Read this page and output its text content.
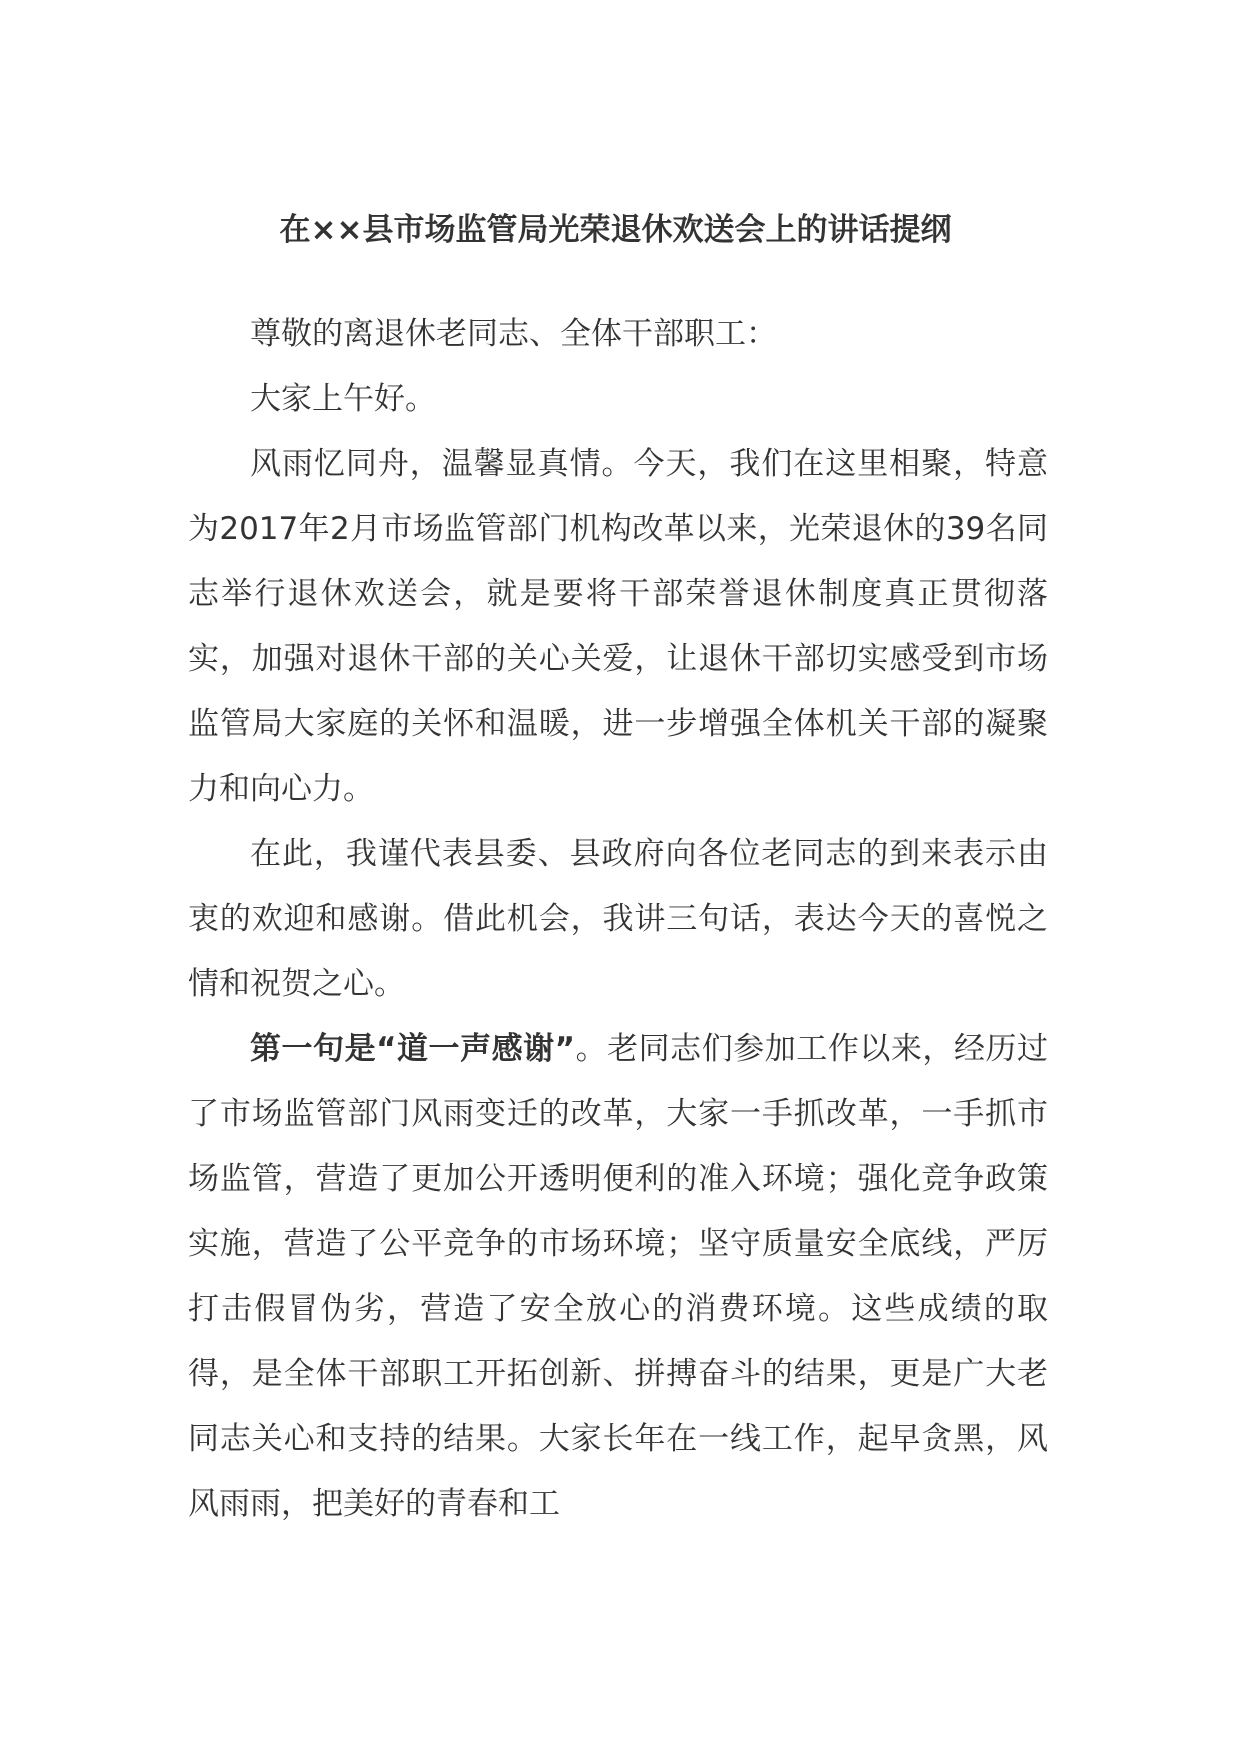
在××县市场监管局光荣退休欢送会上的讲话提纲

尊敬的离退休老同志、全体干部职工：

大家上午好。

风雨忆同舟，温馨显真情。今天，我们在这里相聚，特意为2017年2月市场监管部门机构改革以来，光荣退休的39名同志举行退休欢送会，就是要将干部荣誉退休制度真正贯彻落实，加强对退休干部的关心关爱，让退休干部切实感受到市场监管局大家庭的关怀和温暖，进一步增强全体机关干部的凝聚力和向心力。

在此，我谨代表县委、县政府向各位老同志的到来表示由衷的欢迎和感谢。借此机会，我讲三句话，表达今天的喜悦之情和祝贺之心。

第一句是“道一声感谢”。老同志们参加工作以来，经历过了市场监管部门风雨变迁的改革，大家一手抓改革，一手抓市场监管，营造了更加公开透明便利的准入环境；强化竞争政策实施，营造了公平竞争的市场环境；坚守质量安全底线，严厉打击假冒伪劣，营造了安全放心的消费环境。这些成绩的取得，是全体干部职工开拓创新、拼搏奋斗的结果，更是广大老同志关心和支持的结果。大家长年在一线工作，起早贪黑，风风雨雨，把美好的青春和工
